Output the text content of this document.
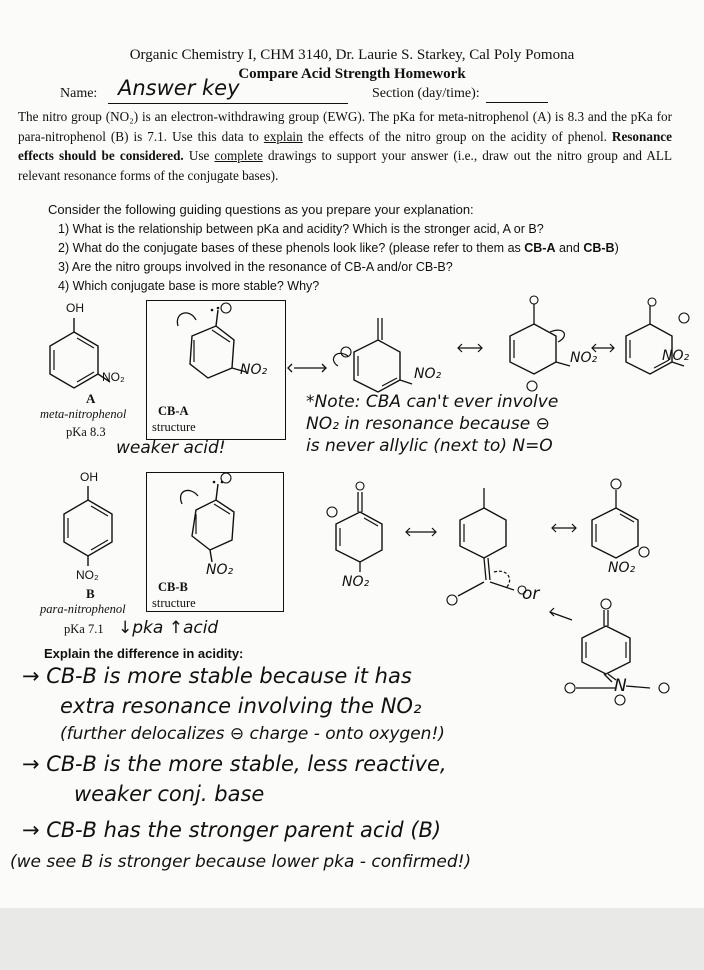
Organic Chemistry I, CHM 3140, Dr. Laurie S. Starkey, Cal Poly Pomona
Compare Acid Strength Homework
Name: Answer key	Section (day/time):
The nitro group (NO₂) is an electron-withdrawing group (EWG). The pKa for meta-nitrophenol (A) is 8.3 and the pKa for para-nitrophenol (B) is 7.1. Use this data to explain the effects of the nitro group on the acidity of phenol. Resonance effects should be considered. Use complete drawings to support your answer (i.e., draw out the nitro group and ALL relevant resonance forms of the conjugate bases).
Consider the following guiding questions as you prepare your explanation:
1) What is the relationship between pKa and acidity? Which is the stronger acid, A or B?
2) What do the conjugate bases of these phenols look like? (please refer to them as CB-A and CB-B)
3) Are the nitro groups involved in the resonance of CB-A and/or CB-B?
4) Which conjugate base is more stable? Why?
OH
NO₂
A
meta-nitrophenol
pKa 8.3
weaker acid!
NO₂
CB-A
structure
NO₂
NO₂	NO₂
*Note: CBA can't ever involve
NO₂ in resonance because ⊖
is never allylic (next to) N=O
OH
NO₂
B
para-nitrophenol
pKa 7.1 ↓pka ↑acid
NO₂
CB-B
structure
NO₂
NO₂
or
N
Explain the difference in acidity:
→ CB-B is more stable because it has
extra resonance involving the NO₂
(further delocalizes ⊖ charge - onto oxygen!)
→ CB-B is the more stable, less reactive,
weaker conj. base
→ CB-B has the stronger parent acid (B)
(we see B is stronger because lower pka - confirmed!)
